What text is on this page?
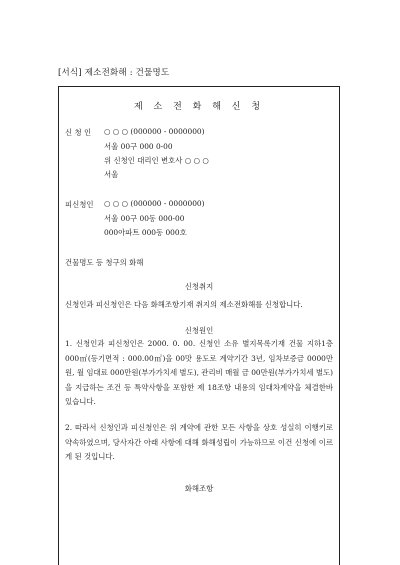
[서식] 제소전화해 : 건물명도
제 소 전 화 해 신 청
신 청 인 ○ ○ ○ (000000 - 0000000)
서울 00구 000 0-00
위 신청인 대리인 변호사 ○ ○ ○
서울
피신청인 ○ ○ ○ (000000 - 0000000)
서울 00구 00동 000-00
000아파트 000동 000호
건물명도 등 청구의 화해
신청취지
신청인과 피신청인은 다음 화해조항기재 취지의 제소전화해를 신청합니다.
신청원인
1. 신청인과 피신청인은 2000. 0. 00. 신청인 소유 별지목록기재 건물 지하1층 000㎡(등기면적 : 000.00㎡)을 00맛 용도로 계약기간 3년, 임차보증금 0000만원, 월 임대료 000만원(부가가치세 별도), 관리비 매월 금 00만원(부가가치세 별도)을 지급하는 조건 등 특약사항을 포함한 제 18조항 내용의 임대차계약을 체결한바 있습니다.
2. 따라서 신청인과 피신청인은 위 계약에 관한 모든 사항을 상호 성실히 이행키로 약속하였으며, 당사자간 아래 사항에 대해 화해성립이 가능하므로 이건 신청에 이르게 된 것입니다.
화해조항
